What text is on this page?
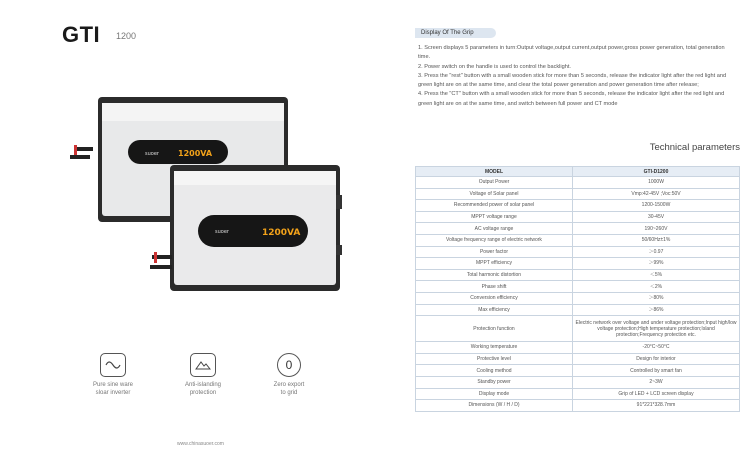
GTI 1200
suoer 1200VA
suoer	1200VA
Pure sine ware
sloar inverter
Anti-islanding
protection
0
Zero export
to grid
www.chinasuoer.com
Display Of The Grip
1. Screen displays 5 parameters in turn:Output voltage,output current,output power,gross power generation, total generation time.
2. Power switch on the handle is used to control the backlight.
3. Press the "rest" button with a small wooden stick for more than 5 seconds, release the indicator light after the red light and green light are on at the same time, and clear the total power generation and power generation time after release;
4. Press the "CT" button with a small wooden stick for more than 5 seconds, release the indicator light after the red light and green light are on at the same time, and switch between full power and CT mode
Technical parameters
MODEL	GTI-D1200
Output Power	1000W
Voltage of Solar panel	Vmp:42-45V ;Voc:50V
Recommended power of solar panel	1200-1500W
MPPT voltage range	30-45V
AC voltage range	190~260V
Voltage frequency range of electric network	50/60Hz±1%
Power factor	＞0.97
MPPT efficiency	＞99%
Total harmonic distortion	＜5%
Phase shift	＜2%
Conversion efficiency	＞80%
Max efficiency	＞86%
Protection function	Electric network over voltage and under voltage protection;Input high/low voltage protection;High temperature protection;Island protection;Frequency protection etc.
Working temperature	-20°C~50°C
Protective level	Design for interior
Cooling method	Controlled by smart fan
Standby power	2~3W
Display mode	Grip of LED + LCD screen display
Dimensions (W / H / D)	91*221*328.7mm
